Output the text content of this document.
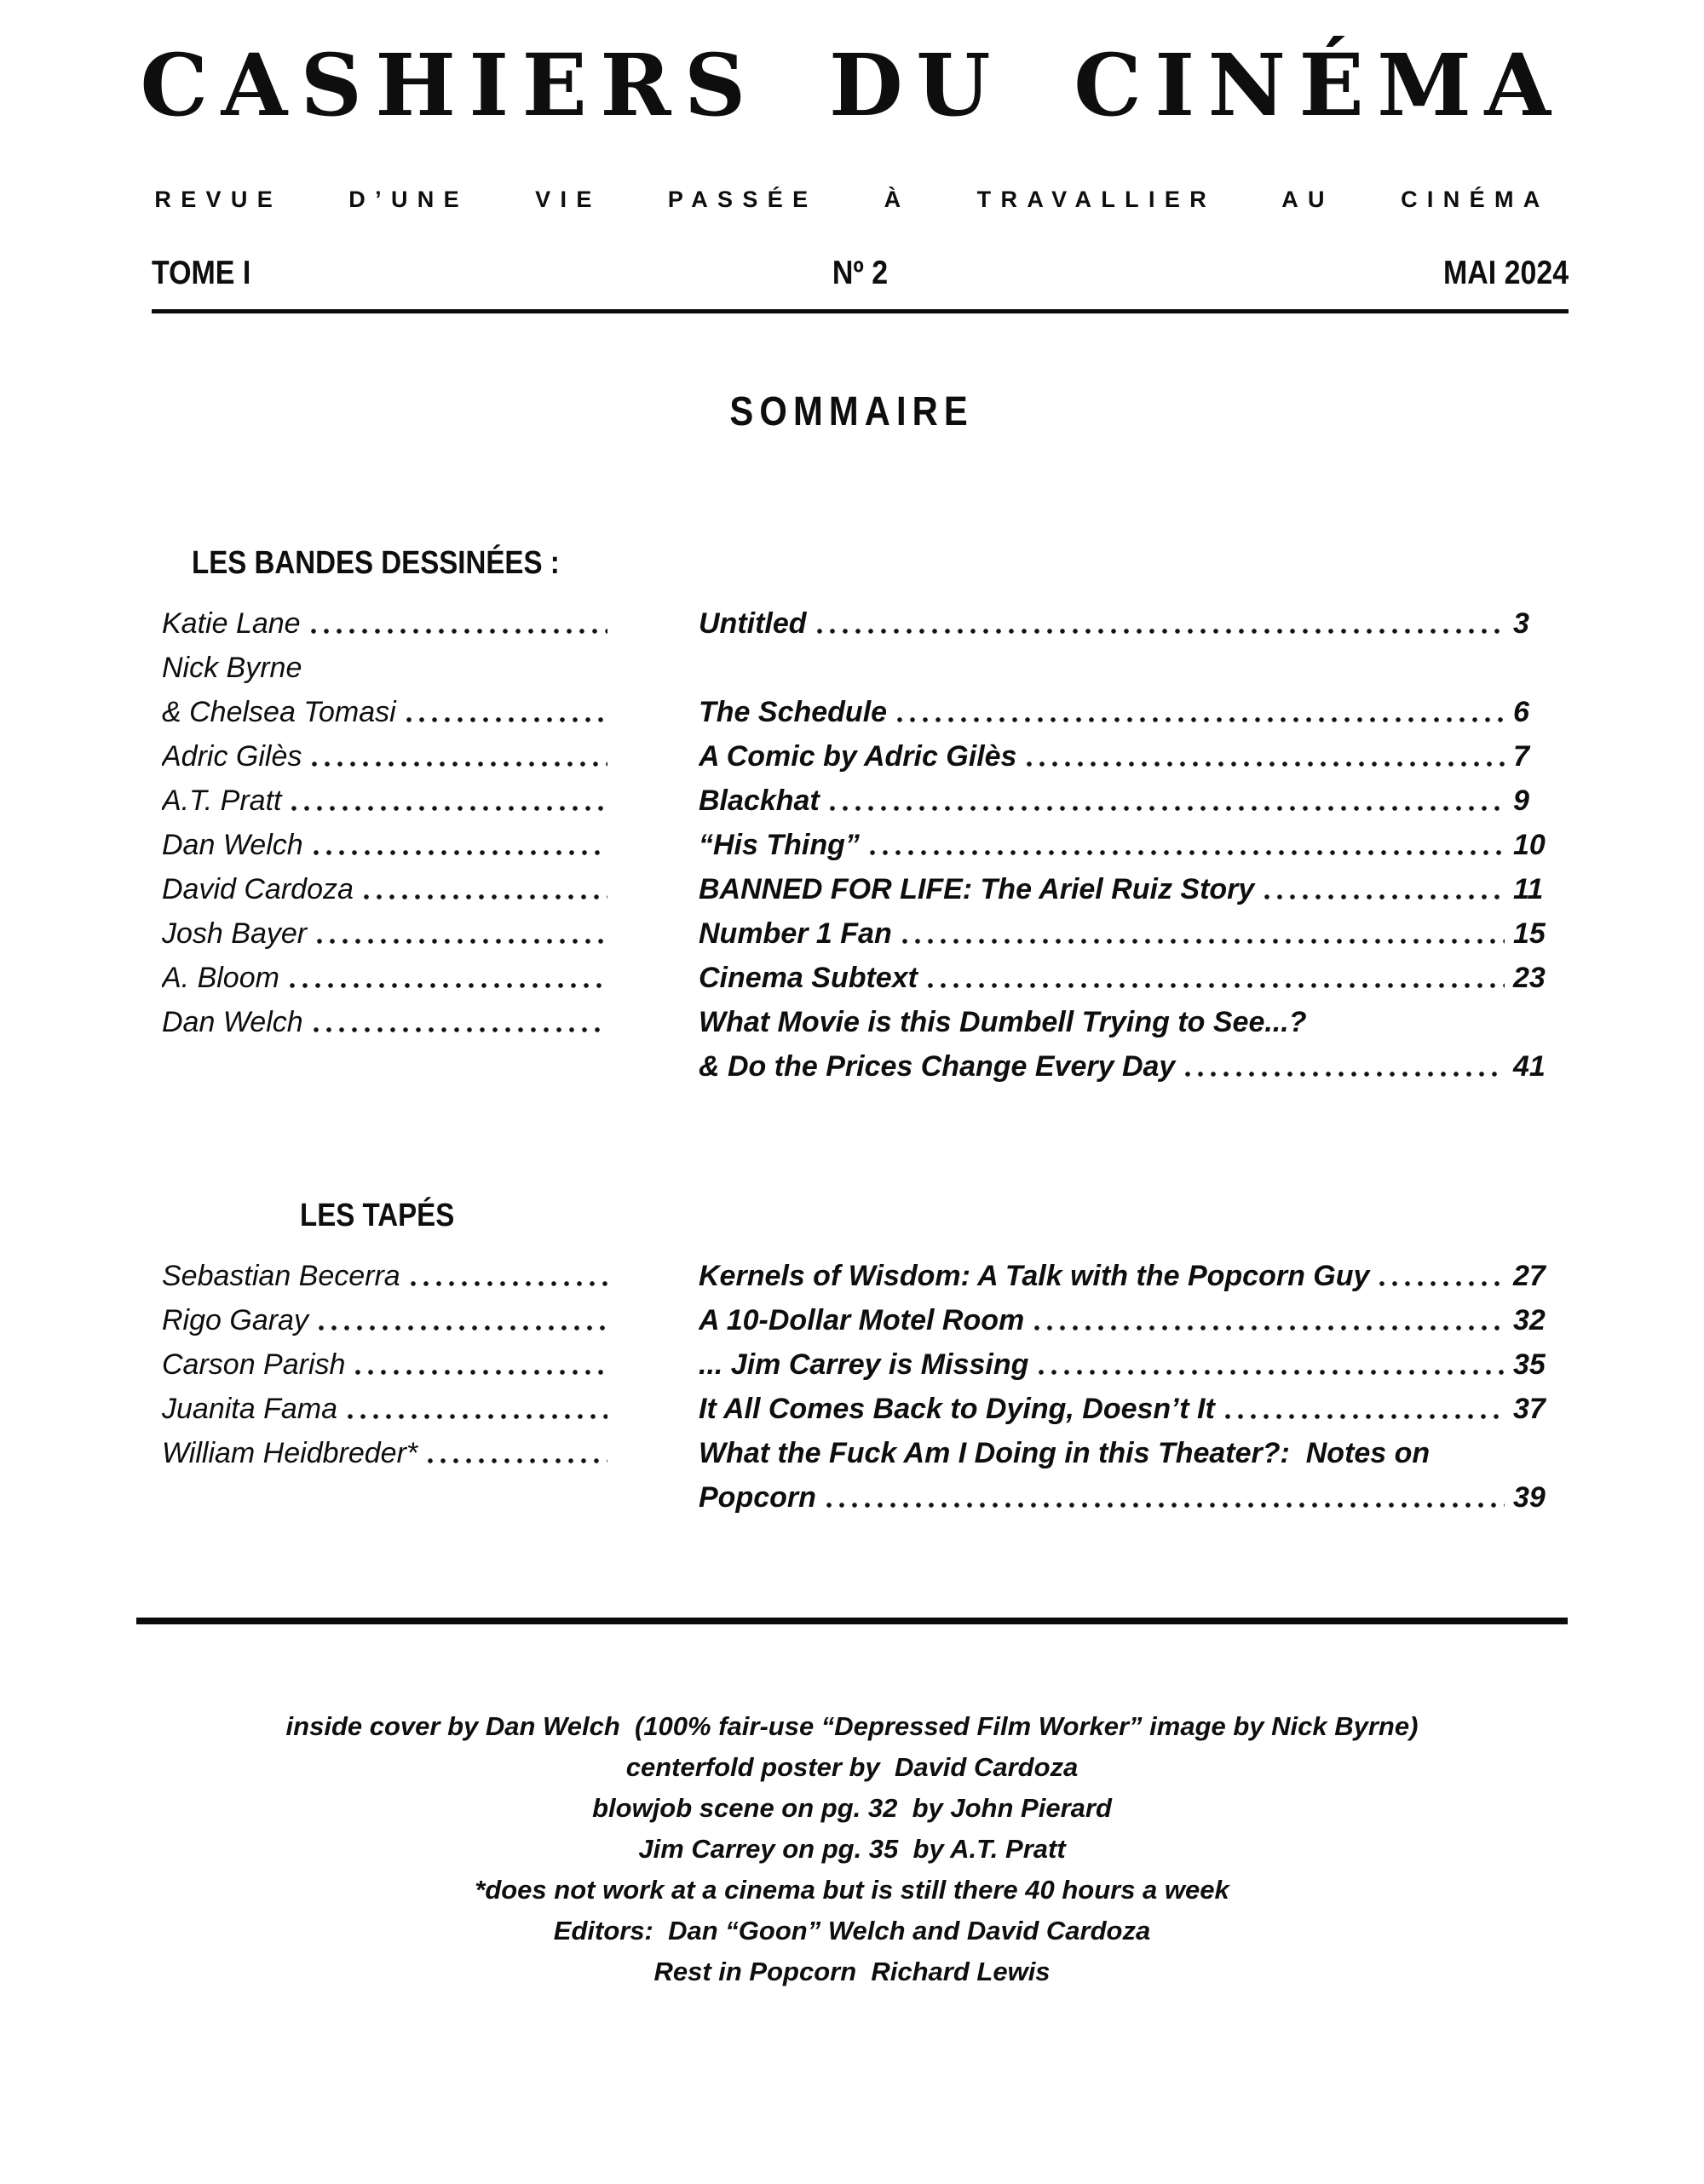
CASHIERS DU CINÉMA
REVUE  D’UNE  VIE  PASSÉE  À  TRAVALLIER  AU  CINÉMA
TOME I	Nº 2	MAI 2024
SOMMAIRE
LES BANDES DESSINÉES :
Katie Lane	Untitled	3
Nick Byrne
& Chelsea Tomasi	The Schedule	6
Adric Gilès	A Comic by Adric Gilès	7
A.T. Pratt	Blackhat	9
Dan Welch	“His Thing”	10
David Cardoza	BANNED FOR LIFE: The Ariel Ruiz Story	11
Josh Bayer	Number 1 Fan	15
A. Bloom	Cinema Subtext	23
Dan Welch	What Movie is this Dumbell Trying to See...?
& Do the Prices Change Every Day	41
LES TAPÉS
Sebastian Becerra	Kernels of Wisdom: A Talk with the Popcorn Guy	27
Rigo Garay	A 10-Dollar Motel Room	32
Carson Parish	... Jim Carrey is Missing	35
Juanita Fama	It All Comes Back to Dying, Doesn’t It	37
William Heidbreder*	What the Fuck Am I Doing in this Theater?:  Notes on
Popcorn	39
inside cover by Dan Welch  (100% fair-use “Depressed Film Worker” image by Nick Byrne)
centerfold poster by  David Cardoza
blowjob scene on pg. 32  by John Pierard
Jim Carrey on pg. 35  by A.T. Pratt
*does not work at a cinema but is still there 40 hours a week
Editors:  Dan “Goon” Welch and David Cardoza
Rest in Popcorn  Richard Lewis
